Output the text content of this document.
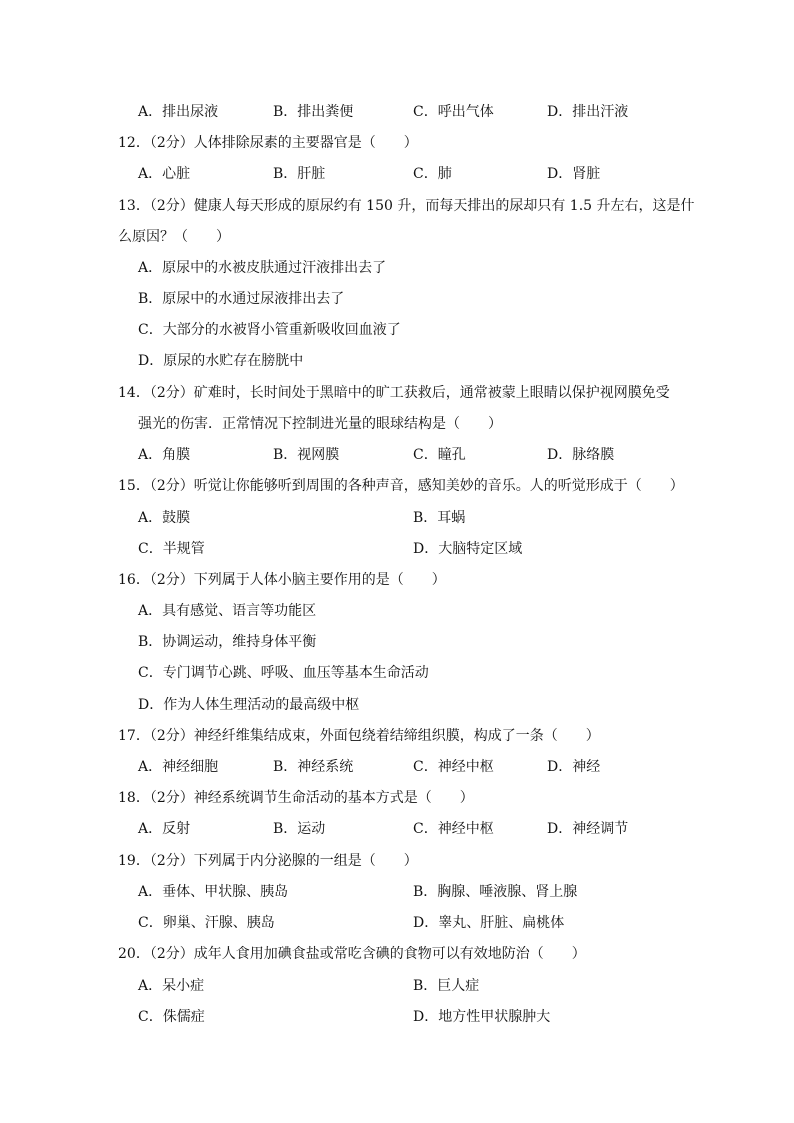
A．排出尿液	B．排出粪便	C．呼出气体	D．排出汗液
12．（2分）人体排除尿素的主要器官是（　　）
A．心脏	B．肝脏	C．肺	D．肾脏
13．（2分）健康人每天形成的原尿约有 150 升，而每天排出的尿却只有 1.5 升左右，这是什
么原因？（　　）
A．原尿中的水被皮肤通过汗液排出去了
B．原尿中的水通过尿液排出去了
C．大部分的水被肾小管重新吸收回血液了
D．原尿的水贮存在膀胱中
14．（2分）矿难时，长时间处于黑暗中的旷工获救后，通常被蒙上眼睛以保护视网膜免受
强光的伤害．正常情况下控制进光量的眼球结构是（　　）
A．角膜	B．视网膜	C．瞳孔	D．脉络膜
15．（2分）听觉让你能够听到周围的各种声音，感知美妙的音乐。人的听觉形成于（　　）
A．鼓膜	B．耳蜗
C．半规管	D．大脑特定区域
16．（2分）下列属于人体小脑主要作用的是（　　）
A．具有感觉、语言等功能区
B．协调运动，维持身体平衡
C．专门调节心跳、呼吸、血压等基本生命活动
D．作为人体生理活动的最高级中枢
17．（2分）神经纤维集结成束，外面包绕着结缔组织膜，构成了一条（　　）
A．神经细胞	B．神经系统	C．神经中枢	D．神经
18．（2分）神经系统调节生命活动的基本方式是（　　）
A．反射	B．运动	C．神经中枢	D．神经调节
19．（2分）下列属于内分泌腺的一组是（　　）
A．垂体、甲状腺、胰岛	B．胸腺、唾液腺、肾上腺
C．卵巢、汗腺、胰岛	D．睾丸、肝脏、扁桃体
20．（2分）成年人食用加碘食盐或常吃含碘的食物可以有效地防治（　　）
A．呆小症	B．巨人症
C．侏儒症	D．地方性甲状腺肿大
